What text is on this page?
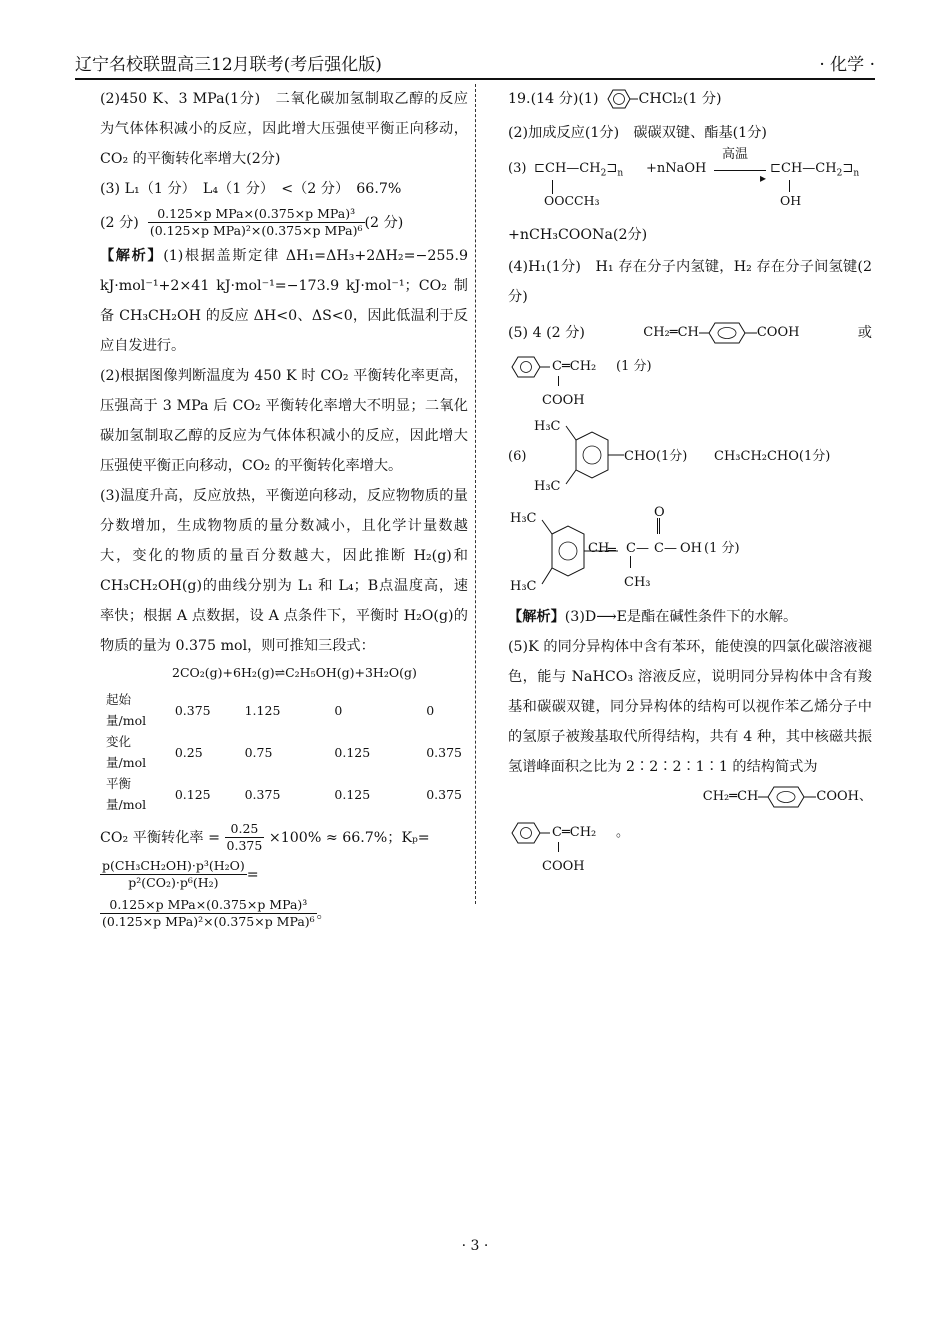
辽宁名校联盟高三12月联考(考后强化版)	· 化学 ·

(2)450 K、3 MPa(1分)　二氧化碳加氢制取乙醇的反应为气体体积减小的反应，因此增大压强使平衡正向移动，CO₂ 的平衡转化率增大(2分)

(3) L₁（1 分）　L₄（1 分）　<（2 分）　66.7%

(2 分)
$\frac{\text{0.125×p MPa×(0.375×p MPa)³}}{\text{(0.125×p MPa)²×(0.375×p MPa)⁶}} (2$ 分)

【解析】(1)根据盖斯定律 ΔH₁=ΔH₃+2ΔH₂=−255.9 kJ·mol⁻¹+2×41 kJ·mol⁻¹=−173.9 kJ·mol⁻¹；CO₂ 制备 CH₃CH₂OH 的反应 ΔH<0、ΔS<0，因此低温利于反应自发进行。

(2)根据图像判断温度为 450 K 时 CO₂ 平衡转化率更高，压强高于 3 MPa 后 CO₂ 平衡转化率增大不明显；二氧化碳加氢制取乙醇的反应为气体体积减小的反应，因此增大压强使平衡正向移动，CO₂ 的平衡转化率增大。

(3)温度升高，反应放热，平衡逆向移动，反应物物质的量分数增加，生成物物质的量分数减小，且化学计量数越大，变化的物质的量百分数越大，因此推断 H₂(g)和 CH₃CH₂OH(g)的曲线分别为 L₁ 和 L₄；B点温度高，速率快；根据 A 点数据，设 A 点条件下，平衡时 H₂O(g)的物质的量为 0.375 mol，则可推知三段式：

2CO₂(g)+6H₂(g)⇌C₂H₅OH(g)+3H₂O(g)
起始量/mol	0.375	1.125	0	0
变化量/mol	0.25	0.75	0.125	0.375
平衡量/mol	0.125	0.375	0.125	0.375

CO₂ 平衡转化率 =
$\frac{0.25}{0.375}$
×100% ≈ 66.7%；Kₚ=

$\frac{\text{p(CH₃CH₂OH)·p³(H₂O)}}{\text{p²(CO₂)·p⁶(H₂)}}$ =

$\frac{\text{0.125×p MPa×(0.375×p MPa)³}}{\text{(0.125×p MPa)²×(0.375×p MPa)⁶}}$ 。

19.(14 分)(1)	CHCl₂(1 分)

(2)加成反应(1分)　碳碳双键、酯基(1分)

(3) $⊏CH—CH_2⊐_n$
OOCCH₃
+nNaOH
高温
▸
$⊏CH—CH_2⊐_n$
OH

+nCH₃COONa(2分)

(4)H₁(1分)　H₁ 存在分子内氢键，H₂ 存在分子间氢键(2分)

(5) 4 (2 分)	CH₂═CH	COOH	或
C═CH₂ (1 分)
COOH
H₃C
(6)	CHO(1分) CH₃CH₂CHO(1分)
H₃C
H₃C
CH
═ C — C
O
— OH (1 分)
CH₃
H₃C

【解析】(3)D⟶E是酯在碱性条件下的水解。

(5)K 的同分异构体中含有苯环，能使溴的四氯化碳溶液褪色，能与 NaHCO₃ 溶液反应，说明同分异构体中含有羧基和碳碳双键，同分异构体的结构可以视作苯乙烯分子中的氢原子被羧基取代所得结构，共有 4 种，其中核磁共振氢谱峰面积之比为 2∶2∶2∶1∶1 的结构简式为

CH₂═CH	COOH 、
C═CH₂ 。
COOH
· 3 ·
